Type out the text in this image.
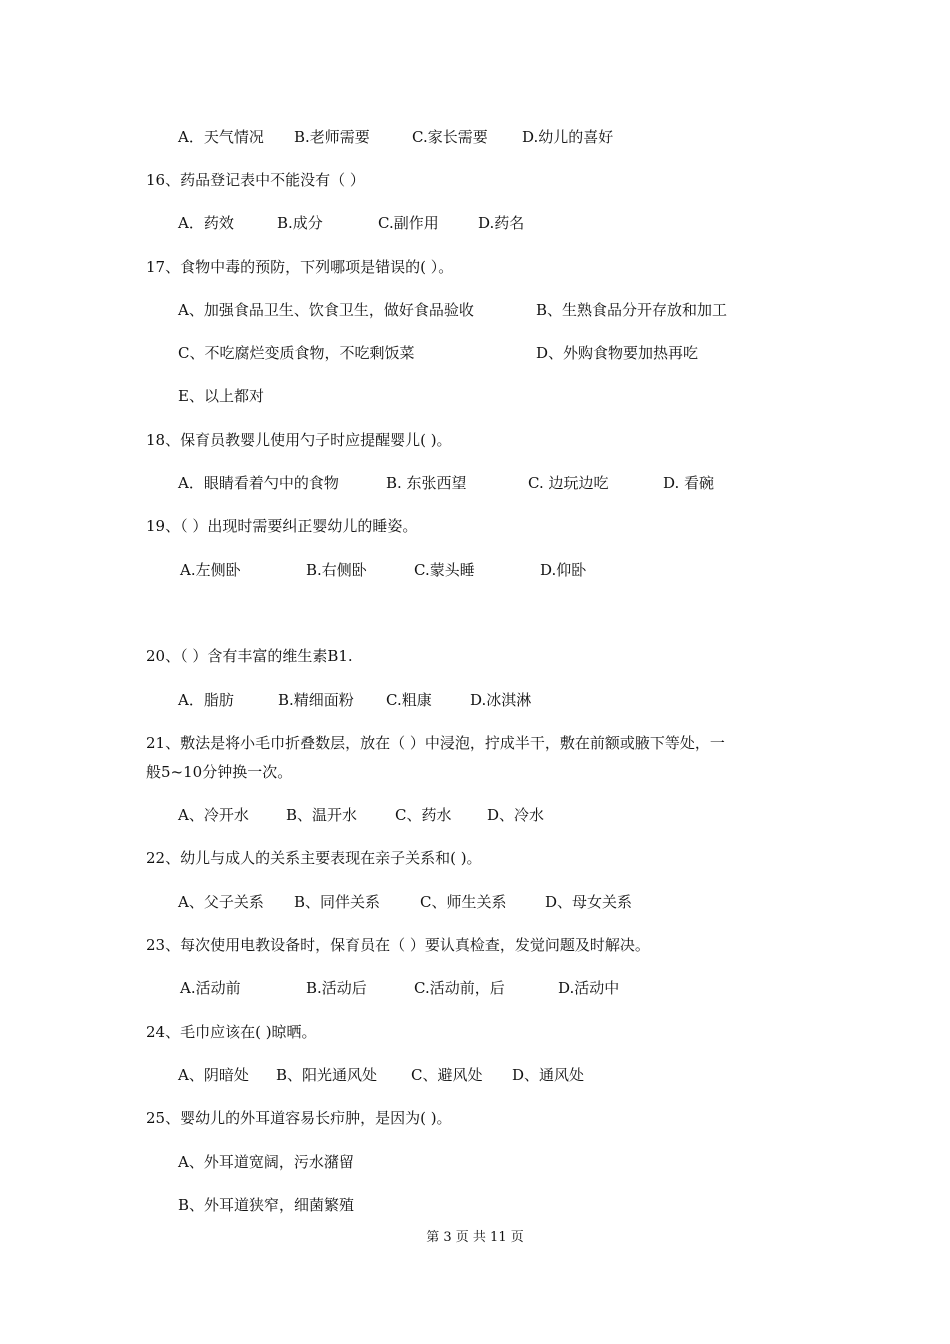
A．天气情况 B.老师需要	C.家长需要 D.幼儿的喜好
16、药品登记表中不能没有（ ）
A．药效	B.成分	C.副作用	D.药名
17、食物中毒的预防，下列哪项是错误的( ）。
A、加强食品卫生、饮食卫生，做好食品验收	B、生熟食品分开存放和加工
C、不吃腐烂变质食物，不吃剩饭菜	D、外购食物要加热再吃
E、以上都对
18、保育员教婴儿使用勺子时应提醒婴儿( )。
A．眼睛看着勺中的食物	B. 东张西望	C. 边玩边吃	D. 看碗
19、（ ）出现时需要纠正婴幼儿的睡姿。
A.左侧卧	B.右侧卧	C.蒙头睡	D.仰卧
20、（ ）含有丰富的维生素B1.
A．脂肪	B.精细面粉 C.粗康	D.冰淇淋
21、敷法是将小毛巾折叠数层，放在（ ）中浸泡，拧成半干，敷在前额或腋下等处，一
般5~10分钟换一次。
A、冷开水 B、温开水	C、药水 D、冷水
22、幼儿与成人的关系主要表现在亲子关系和( )。
A、父子关系 B、同伴关系	C、师生关系	D、母女关系
23、每次使用电教设备时，保育员在（ ）要认真检查，发觉问题及时解决。
A.活动前	B.活动后	C.活动前，后	D.活动中
24、毛巾应该在( )晾晒。
A、阴暗处 B、阳光通风处 C、避风处 D、通风处
25、婴幼儿的外耳道容易长疖肿，是因为( )。
A、外耳道宽阔，污水潴留
B、外耳道狭窄，细菌繁殖
第 3 页 共 11 页
